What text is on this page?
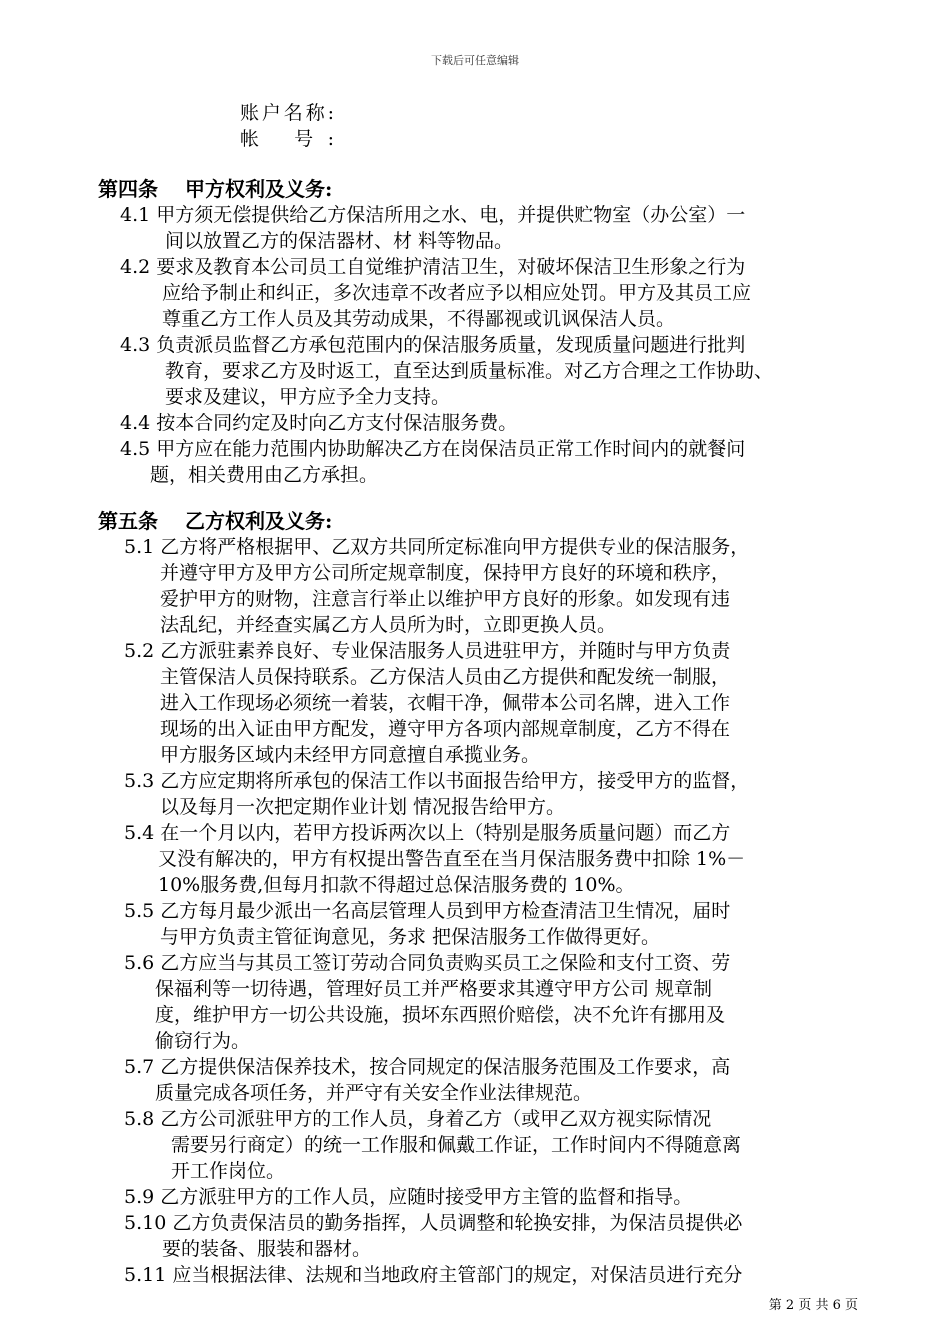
下载后可任意编辑
账户名称:
帐 号:
第四条　 甲方权利及义务:
4.1 甲方须无偿提供给乙方保洁所用之水、电，并提供贮物室（办公室）一
间以放置乙方的保洁器材、材 料等物品。
4.2 要求及教育本公司员工自觉维护清洁卫生，对破坏保洁卫生形象之行为
应给予制止和纠正，多次违章不改者应予以相应处罚。甲方及其员工应
尊重乙方工作人员及其劳动成果，不得鄙视或讥讽保洁人员。
4.3 负责派员监督乙方承包范围内的保洁服务质量，发现质量问题进行批判
教育，要求乙方及时返工，直至达到质量标准。对乙方合理之工作协助、
要求及建议，甲方应予全力支持。
4.4 按本合同约定及时向乙方支付保洁服务费。
4.5 甲方应在能力范围内协助解决乙方在岗保洁员正常工作时间内的就餐问
题，相关费用由乙方承担。
第五条　 乙方权利及义务:
5.1 乙方将严格根据甲、乙双方共同所定标准向甲方提供专业的保洁服务，
并遵守甲方及甲方公司所定规章制度，保持甲方良好的环境和秩序，
爱护甲方的财物，注意言行举止以维护甲方良好的形象。如发现有违
法乱纪，并经查实属乙方人员所为时，立即更换人员。
5.2 乙方派驻素养良好、专业保洁服务人员进驻甲方，并随时与甲方负责
主管保洁人员保持联系。乙方保洁人员由乙方提供和配发统一制服，
进入工作现场必须统一着装，衣帽干净，佩带本公司名牌，进入工作
现场的出入证由甲方配发，遵守甲方各项内部规章制度，乙方不得在
甲方服务区域内未经甲方同意擅自承揽业务。
5.3 乙方应定期将所承包的保洁工作以书面报告给甲方，接受甲方的监督，
以及每月一次把定期作业计划 情况报告给甲方。
5.4 在一个月以内，若甲方投诉两次以上（特别是服务质量问题）而乙方
又没有解决的，甲方有权提出警告直至在当月保洁服务费中扣除 1%－
10%服务费,但每月扣款不得超过总保洁服务费的 10%。
5.5 乙方每月最少派出一名高层管理人员到甲方检查清洁卫生情况，届时
与甲方负责主管征询意见，务求 把保洁服务工作做得更好。
5.6 乙方应当与其员工签订劳动合同负责购买员工之保险和支付工资、劳
保福利等一切待遇，管理好员工并严格要求其遵守甲方公司 规章制
度，维护甲方一切公共设施，损坏东西照价赔偿，决不允许有挪用及
偷窃行为。
5.7 乙方提供保洁保养技术，按合同规定的保洁服务范围及工作要求，高
质量完成各项任务，并严守有关安全作业法律规范。
5.8 乙方公司派驻甲方的工作人员，身着乙方（或甲乙双方视实际情况
需要另行商定）的统一工作服和佩戴工作证，工作时间内不得随意离
开工作岗位。
5.9 乙方派驻甲方的工作人员，应随时接受甲方主管的监督和指导。
5.10 乙方负责保洁员的勤务指挥，人员调整和轮换安排，为保洁员提供必
要的装备、服装和器材。
5.11 应当根据法律、法规和当地政府主管部门的规定，对保洁员进行充分
第 2 页 共 6 页
